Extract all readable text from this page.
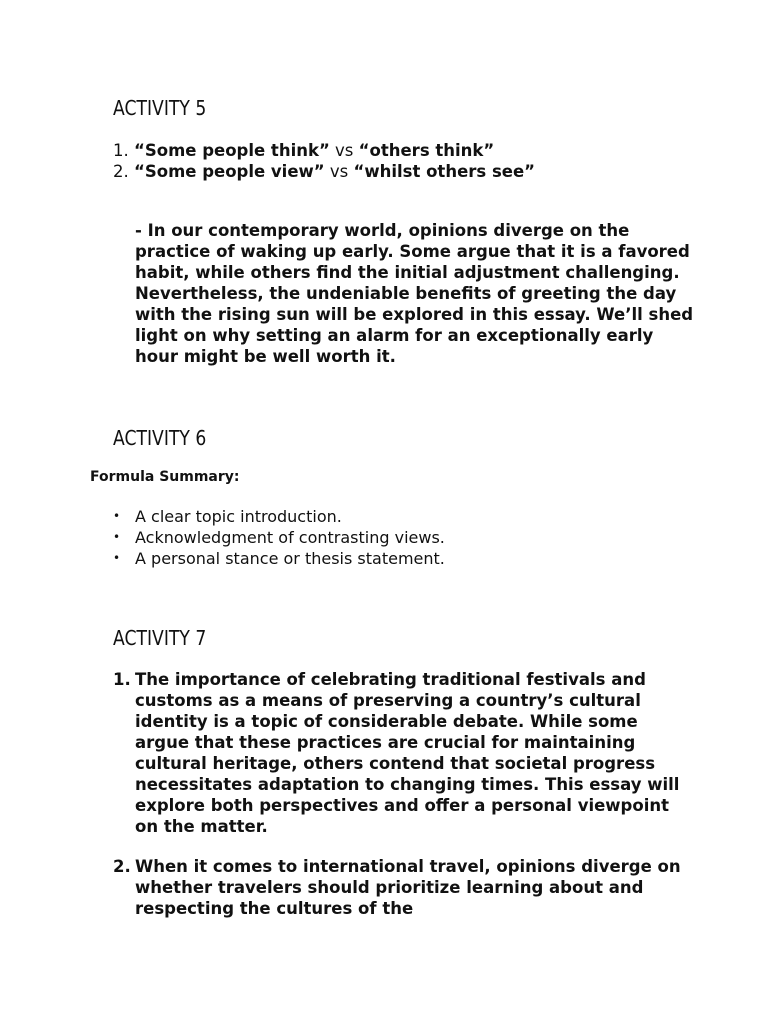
ACTIVITY 5
1. “Some people think” vs “others think”
2. “Some people view” vs “whilst others see”

- In our contemporary world, opinions diverge on the practice of waking up early. Some argue that it is a favored habit, while others find the initial adjustment challenging. Nevertheless, the undeniable benefits of greeting the day with the rising sun will be explored in this essay. We’ll shed light on why setting an alarm for an exceptionally early hour might be well worth it.

ACTIVITY 6

Formula Summary:

• A clear topic introduction.
• Acknowledgment of contrasting views.
• A personal stance or thesis statement.
ACTIVITY 7
1. The importance of celebrating traditional festivals and customs as a means of preserving a country’s cultural identity is a topic of considerable debate. While some argue that these practices are crucial for maintaining cultural heritage, others contend that societal progress necessitates adaptation to changing times. This essay will explore both perspectives and offer a personal viewpoint on the matter.
2. When it comes to international travel, opinions diverge on whether travelers should prioritize learning about and respecting the cultures of the
